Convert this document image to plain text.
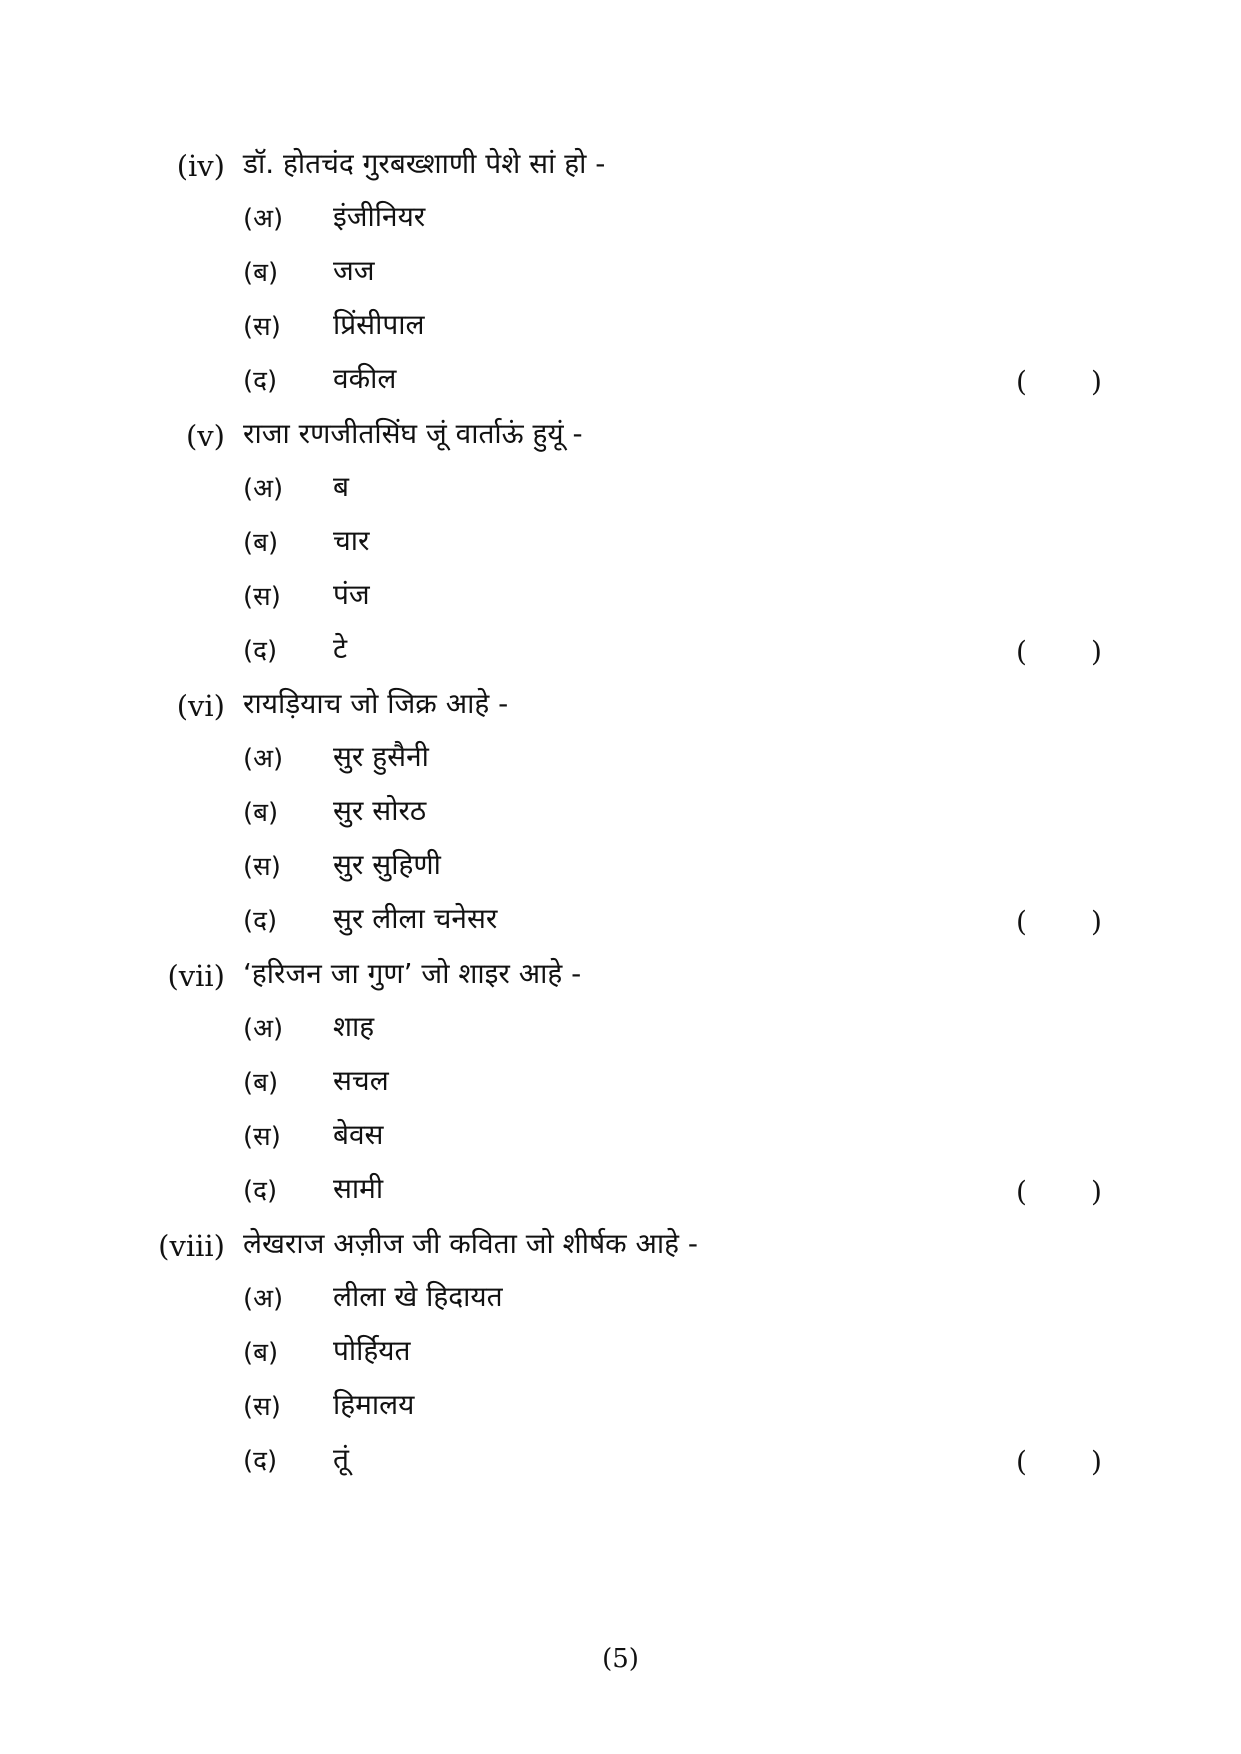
(iv) डॉ. होतचंद गुरबख्शाणी पेशे सां हो -
(अ) इंजीनियर
(ब) जज
(स) प्रिंसीपाल
(द) वकील	( )
(v) राजा रणजीतसिंघ जूं वार्ताऊं हुयूं -
(अ) ब
(ब) चार
(स) पंज
(द) टे	( )
(vi) रायड़ियाच जो जिक्र आहे -
(अ) सुर हुसैनी
(ब) सुर सोरठ
(स) सुर सुहिणी
(द) सुर लीला चनेसर	( )
(vii) ‘हरिजन जा गुण’ जो शाइर आहे -
(अ) शाह
(ब) सचल
(स) बेवस
(द) सामी	( )
(viii) लेखराज अज़ीज जी कविता जो शीर्षक आहे -
(अ) लीला खे हिदायत
(ब) पोर्हियत
(स) हिमालय
(द) तूं	( )
(5)
